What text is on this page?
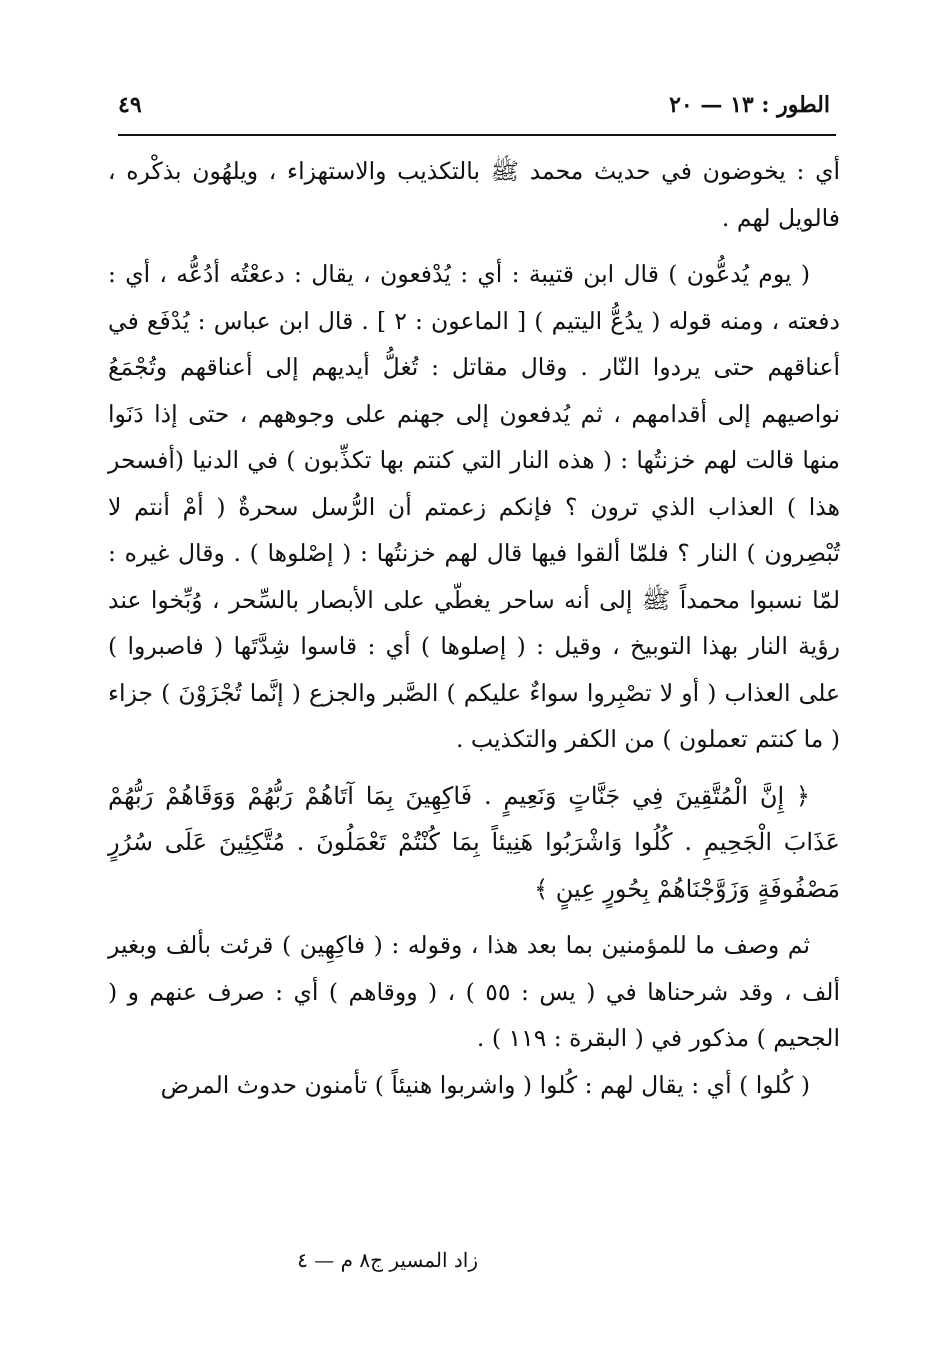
الطور : ١٣ — ٢٠
٤٩

أي : يخوضون في حديث محمد ﷺ بالتكذيب والاستهزاء ، ويلهُون بذكْره ، فالويل لهم .

( يوم يُدعُّون ) قال ابن قتيبة : أي : يُدْفعون ، يقال : دععْتُه أدُعُّه ، أي : دفعته ، ومنه قوله ( يدُعُّ اليتيم ) [ الماعون : ٢ ] . قال ابن عباس : يُدْفَع في أعناقهم حتى يردوا النّار . وقال مقاتل : تُغلُّ أيديهم إلى أعناقهم وتُجْمَعُ نواصيهم إلى أقدامهم ، ثم يُدفعون إلى جهنم على وجوههم ، حتى إذا دَنَوا منها قالت لهم خزنتُها : ( هذه النار التي كنتم بها تكذِّبون ) في الدنيا (أفسحر هذا ) العذاب الذي ترون ؟ فإنكم زعمتم أن الرُّسل سحرةٌ ( أمْ أنتم لا تُبْصِرون ) النار ؟ فلمّا ألقوا فيها قال لهم خزنتُها : ( إصْلوها ) . وقال غيره : لمّا نسبوا محمداً ﷺ إلى أنه ساحر يغطّي على الأبصار بالسِّحر ، وُبِّخوا عند رؤية النار بهذا التوبيخ ، وقيل : ( إصلوها ) أي : قاسوا شِدَّتَها ( فاصبروا ) على العذاب ( أو لا تصْبِروا سواءٌ عليكم ) الصَّبر والجزع ( إنَّما تُجْزَوْنَ ) جزاء ( ما كنتم تعملون ) من الكفر والتكذيب .

﴿ إِنَّ الْمُتَّقِينَ فِي جَنَّاتٍ وَنَعِيمٍ . فَاكِهِينَ بِمَا آتَاهُمْ رَبُّهُمْ وَوَقَاهُمْ رَبُّهُمْ عَذَابَ الْجَحِيمِ . كُلُوا وَاشْرَبُوا هَنِيئاً بِمَا كُنْتُمْ تَعْمَلُونَ . مُتَّكِئِينَ عَلَى سُرُرٍ مَصْفُوفَةٍ وَزَوَّجْنَاهُمْ بِحُورٍ عِينٍ ﴾

ثم وصف ما للمؤمنين بما بعد هذا ، وقوله : ( فاكِهِين ) قرئت بألف وبغير ألف ، وقد شرحناها في ( يس : ٥٥ ) ، ( ووقاهم ) أي : صرف عنهم و ( الجحيم ) مذكور في ( البقرة : ١١٩ ) .

( كُلوا ) أي : يقال لهم : كُلوا ( واشربوا هنيئاً ) تأمنون حدوث المرض

زاد المسير ج٨ م — ٤
